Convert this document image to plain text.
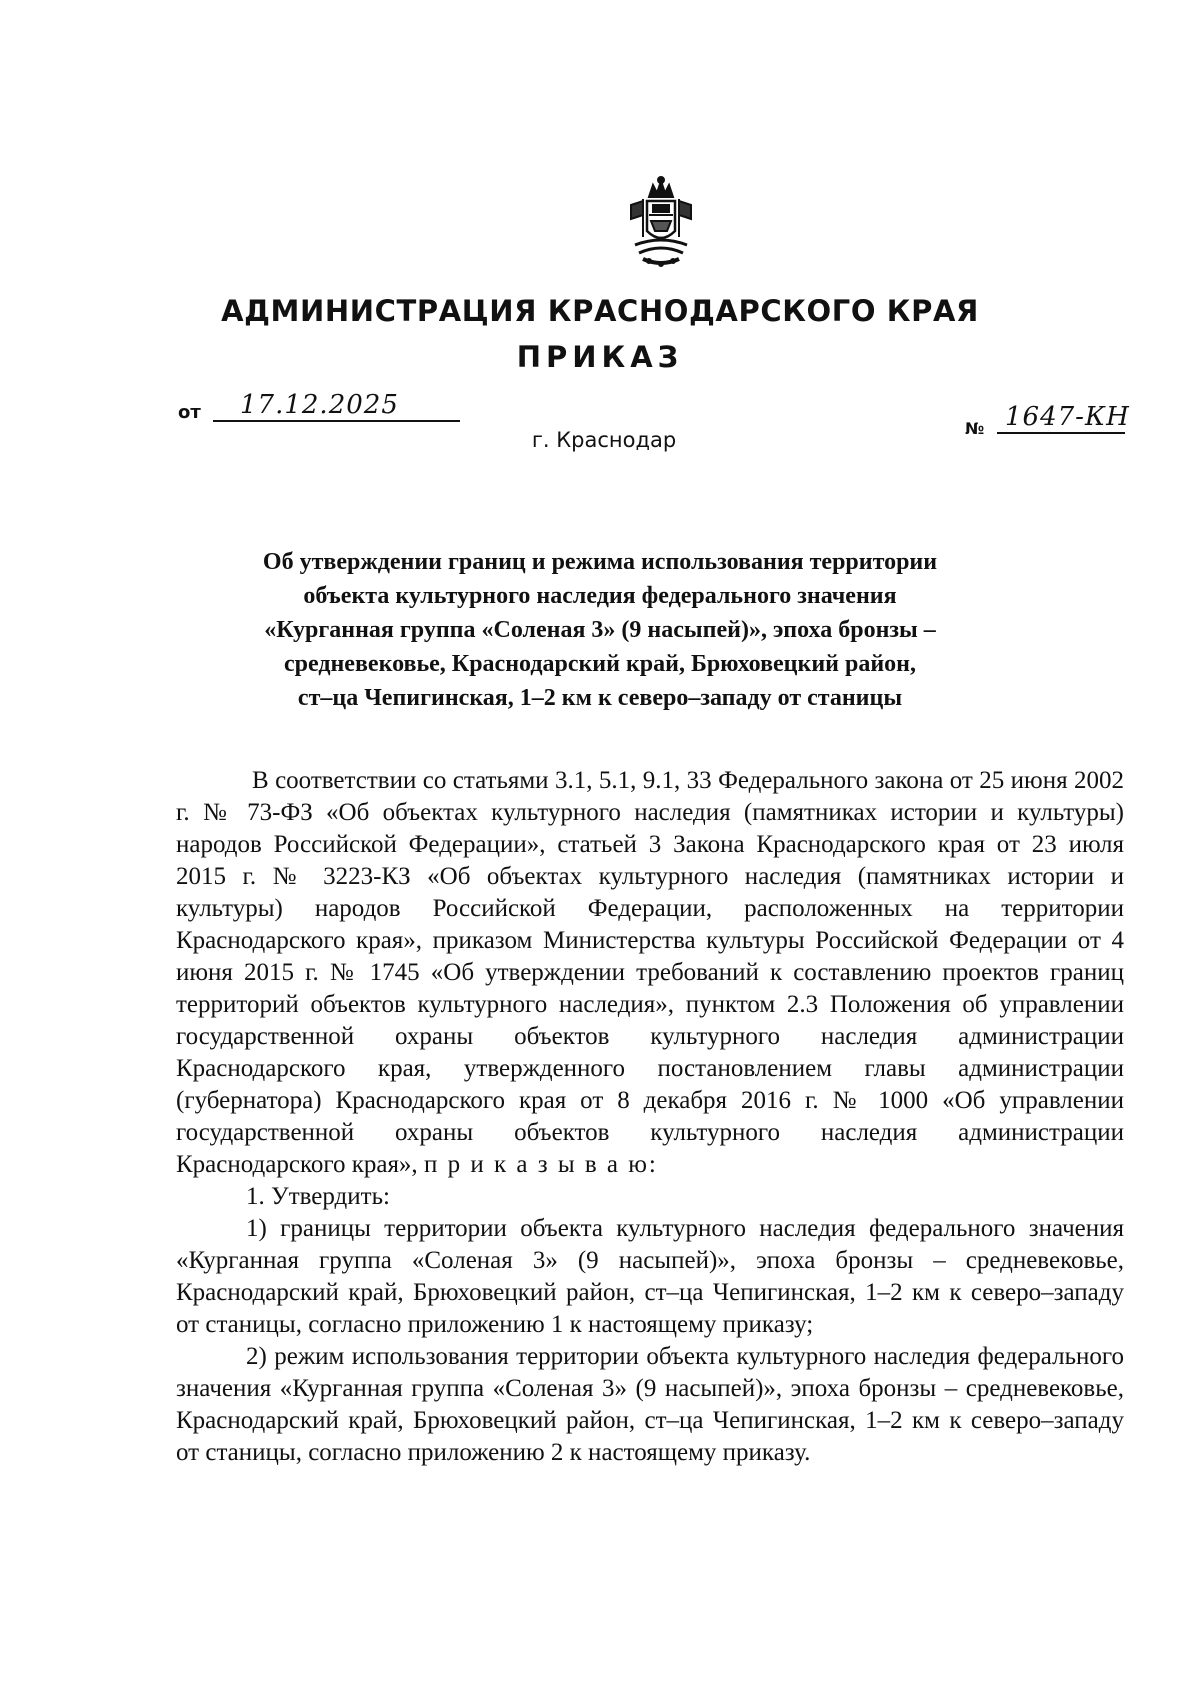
АДМИНИСТРАЦИЯ КРАСНОДАРСКОГО КРАЯ
ПРИКАЗ
от 17.12.2025
г. Краснодар	№ 1647-КН
Об утверждении границ и режима использования территории
объекта культурного наследия федерального значения
«Курганная группа «Соленая 3» (9 насыпей)», эпоха бронзы –
средневековье, Краснодарский край, Брюховецкий район,
ст–ца Чепигинская, 1–2 км к северо–западу от станицы

В соответствии со статьями 3.1, 5.1, 9.1, 33 Федерального закона от 25 июня 2002 г. № 73-ФЗ «Об объектах культурного наследия (памятниках истории и культуры) народов Российской Федерации», статьей 3 Закона Краснодарского края от 23 июля 2015 г. № 3223-КЗ «Об объектах культурного наследия (памятниках истории и культуры) народов Российской Федерации, расположенных на территории Краснодарского края», приказом Министерства культуры Российской Федерации от 4 июня 2015 г. № 1745 «Об утверждении требований к составлению проектов границ территорий объектов культурного наследия», пунктом 2.3 Положения об управлении государственной охраны объектов культурного наследия администрации Краснодарского края, утвержденного постановлением главы администрации (губернатора) Краснодарского края от 8 декабря 2016 г. № 1000 «Об управлении государственной охраны объектов культурного наследия администрации Краснодарского края», п р и к а з ы в а ю:

1. Утвердить:

1) границы территории объекта культурного наследия федерального значения «Курганная группа «Соленая 3» (9 насыпей)», эпоха бронзы – средневековье, Краснодарский край, Брюховецкий район, ст–ца Чепигинская, 1–2 км к северо–западу от станицы, согласно приложению 1 к настоящему приказу;

2) режим использования территории объекта культурного наследия федерального значения «Курганная группа «Соленая 3» (9 насыпей)», эпоха бронзы – средневековье, Краснодарский край, Брюховецкий район, ст–ца Чепигинская, 1–2 км к северо–западу от станицы, согласно приложению 2 к настоящему приказу.
